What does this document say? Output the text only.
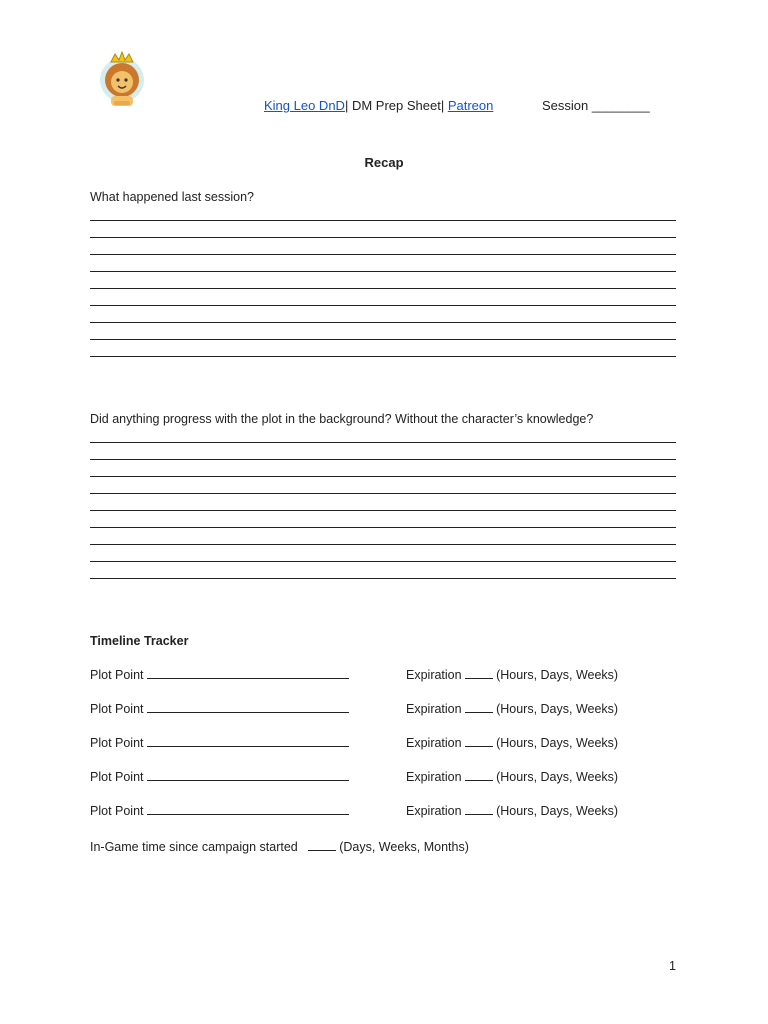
King Leo DnD| DM Prep Sheet| Patreon	Session ________
Recap
What happened last session?
Did anything progress with the plot in the background? Without the character’s knowledge?
Timeline Tracker
Plot Point	Expiration	(Hours, Days, Weeks)
Plot Point	Expiration	(Hours, Days, Weeks)
Plot Point	Expiration	(Hours, Days, Weeks)
Plot Point	Expiration	(Hours, Days, Weeks)
Plot Point	Expiration	(Hours, Days, Weeks)
In-Game time since campaign started	(Days, Weeks, Months)
1
